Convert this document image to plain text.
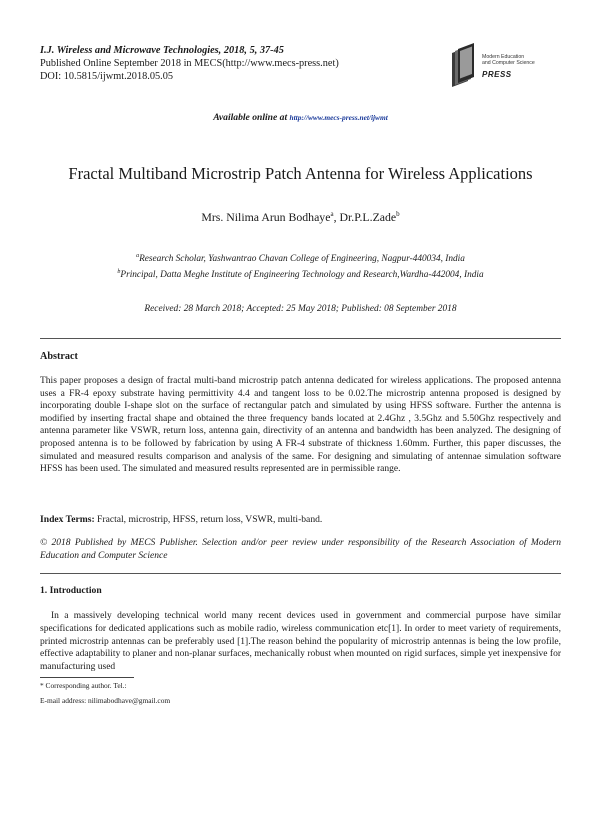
I.J. Wireless and Microwave Technologies, 2018, 5, 37-45
Published Online September 2018 in MECS(http://www.mecs-press.net)
DOI: 10.5815/ijwmt.2018.05.05
Modern Education
and Computer Science
PRESS
Available online at http://www.mecs-press.net/ijwmt
Fractal Multiband Microstrip Patch Antenna for Wireless Applications
Mrs. Nilima Arun Bodhaye$^a$, Dr.P.L.Zade$^b$
$^a$Research Scholar, Yashwantrao Chavan College of Engineering, Nagpur-440034, India
$^b$Principal, Datta Meghe Institute of Engineering Technology and Research,Wardha-442004, India
Received: 28 March 2018; Accepted: 25 May 2018; Published: 08 September 2018
Abstract
This paper proposes a design of fractal multi-band microstrip patch antenna dedicated for wireless applications. The proposed antenna uses a FR-4 epoxy substrate having permittivity 4.4 and tangent loss to be 0.02.The microstrip antenna proposed is designed by incorporating double I-shape slot on the surface of rectangular patch and simulated by using HFSS software. Further the antenna is modified by inserting fractal shape and obtained the three frequency bands located at 2.4Ghz , 3.5Ghz and 5.50Ghz respectively and antenna parameter like VSWR, return loss, antenna gain, directivity of an antenna and bandwidth has been analyzed. The designing of proposed antenna is to be followed by fabrication by using A FR-4 substrate of thickness 1.60mm. Further, this paper discusses, the simulated and measured results comparison and analysis of the same. For designing and simulating of antennae simulation software HFSS has been used. The simulated and measured results represented are in permissible range.
Index Terms: Fractal, microstrip, HFSS, return loss, VSWR, multi-band.
© 2018 Published by MECS Publisher. Selection and/or peer review under responsibility of the Research Association of Modern Education and Computer Science
1. Introduction
In a massively developing technical world many recent devices used in government and commercial purpose have similar specifications for dedicated applications such as mobile radio, wireless communication etc[1]. In order to meet variety of requirements, printed microstrip antennas can be preferably used [1].The reason behind the popularity of microstrip antennas is being the low profile, effective adaptability to planer and non-planar surfaces, mechanically robust when mounted on rigid surfaces, simple yet inexpensive for manufacturing used
* Corresponding author. Tel.:
E-mail address: nilimabodhave@gmail.com
